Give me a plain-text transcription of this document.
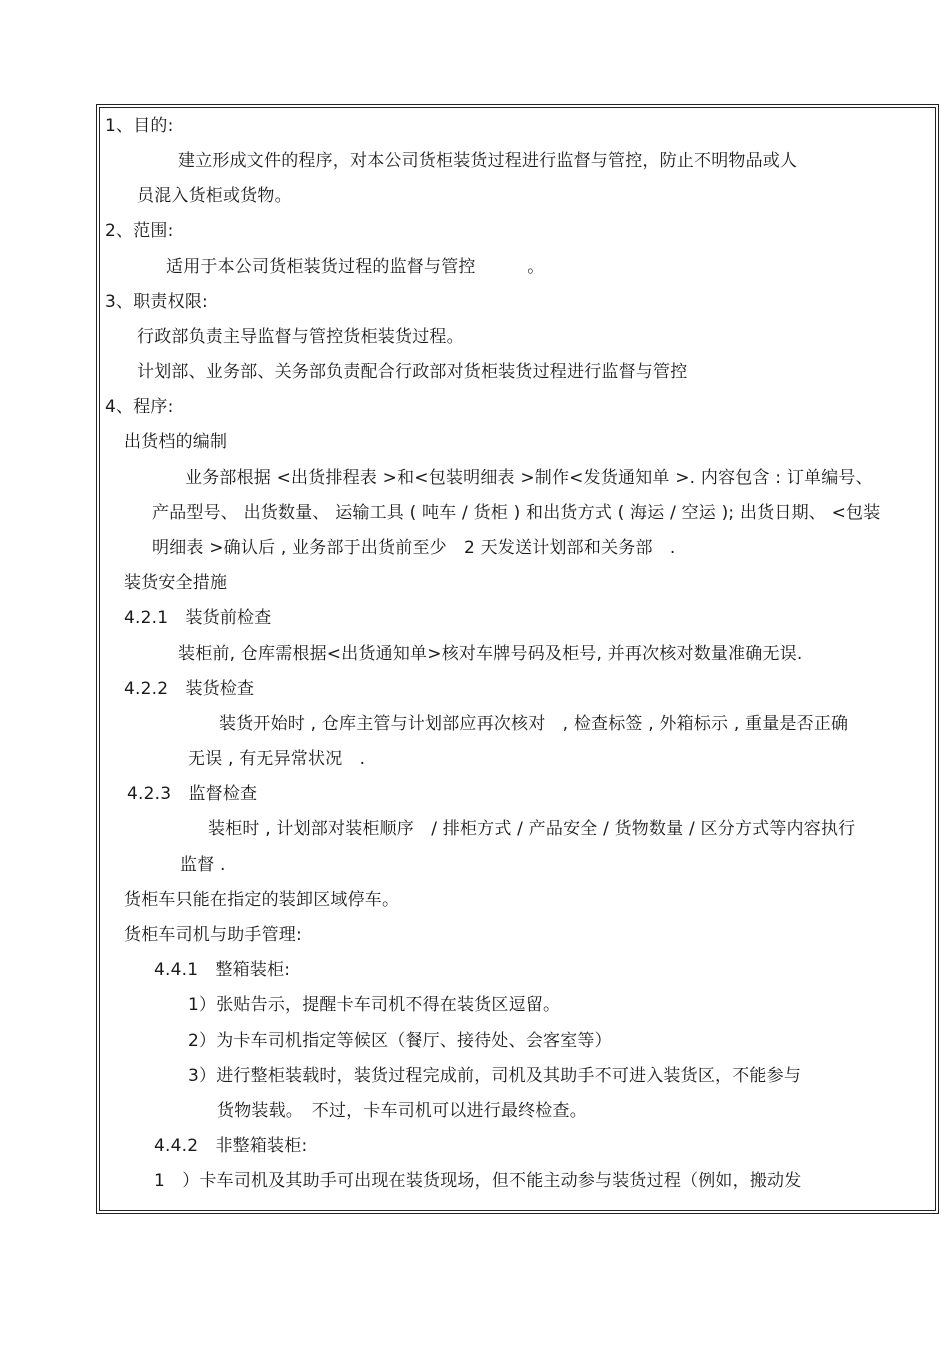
1、目的:
建立形成文件的程序，对本公司货柜装货过程进行监督与管控，防止不明物品或人
员混入货柜或货物。
2、范围:
适用于本公司货柜装货过程的监督与管控　　　。
3、职责权限:
行政部负责主导监督与管控货柜装货过程。
计划部、业务部、关务部负责配合行政部对货柜装货过程进行监督与管控
4、程序:
出货档的编制
业务部根据 <出货排程表 >和<包装明细表 >制作<发货通知单 >. 内容包含 : 订单编号、
产品型号、 出货数量、 运输工具 ( 吨车 / 货柜 ) 和出货方式 ( 海运 / 空运 ); 出货日期、 <包装
明细表 >确认后 , 业务部于出货前至少　2 天发送计划部和关务部　.
装货安全措施
4.2.1　装货前检查
装柜前, 仓库需根据<出货通知单>核对车牌号码及柜号, 并再次核对数量准确无误.
4.2.2　装货检查
装货开始时 , 仓库主管与计划部应再次核对　, 检查标签 , 外箱标示 , 重量是否正确
无误 , 有无异常状况　.
4.2.3　监督检查
装柜时 , 计划部对装柜顺序　/ 排柜方式 / 产品安全 / 货物数量 / 区分方式等内容执行
监督 .
货柜车只能在指定的装卸区域停车。
货柜车司机与助手管理:
4.4.1　整箱装柜:
1）张贴告示，提醒卡车司机不得在装货区逗留。
2）为卡车司机指定等候区（餐厅、接待处、会客室等）
3）进行整柜装载时，装货过程完成前，司机及其助手不可进入装货区，不能参与
货物装载。　不过，卡车司机可以进行最终检查。
4.4.2　非整箱装柜:
1　）卡车司机及其助手可出现在装货现场，但不能主动参与装货过程（例如，搬动发
